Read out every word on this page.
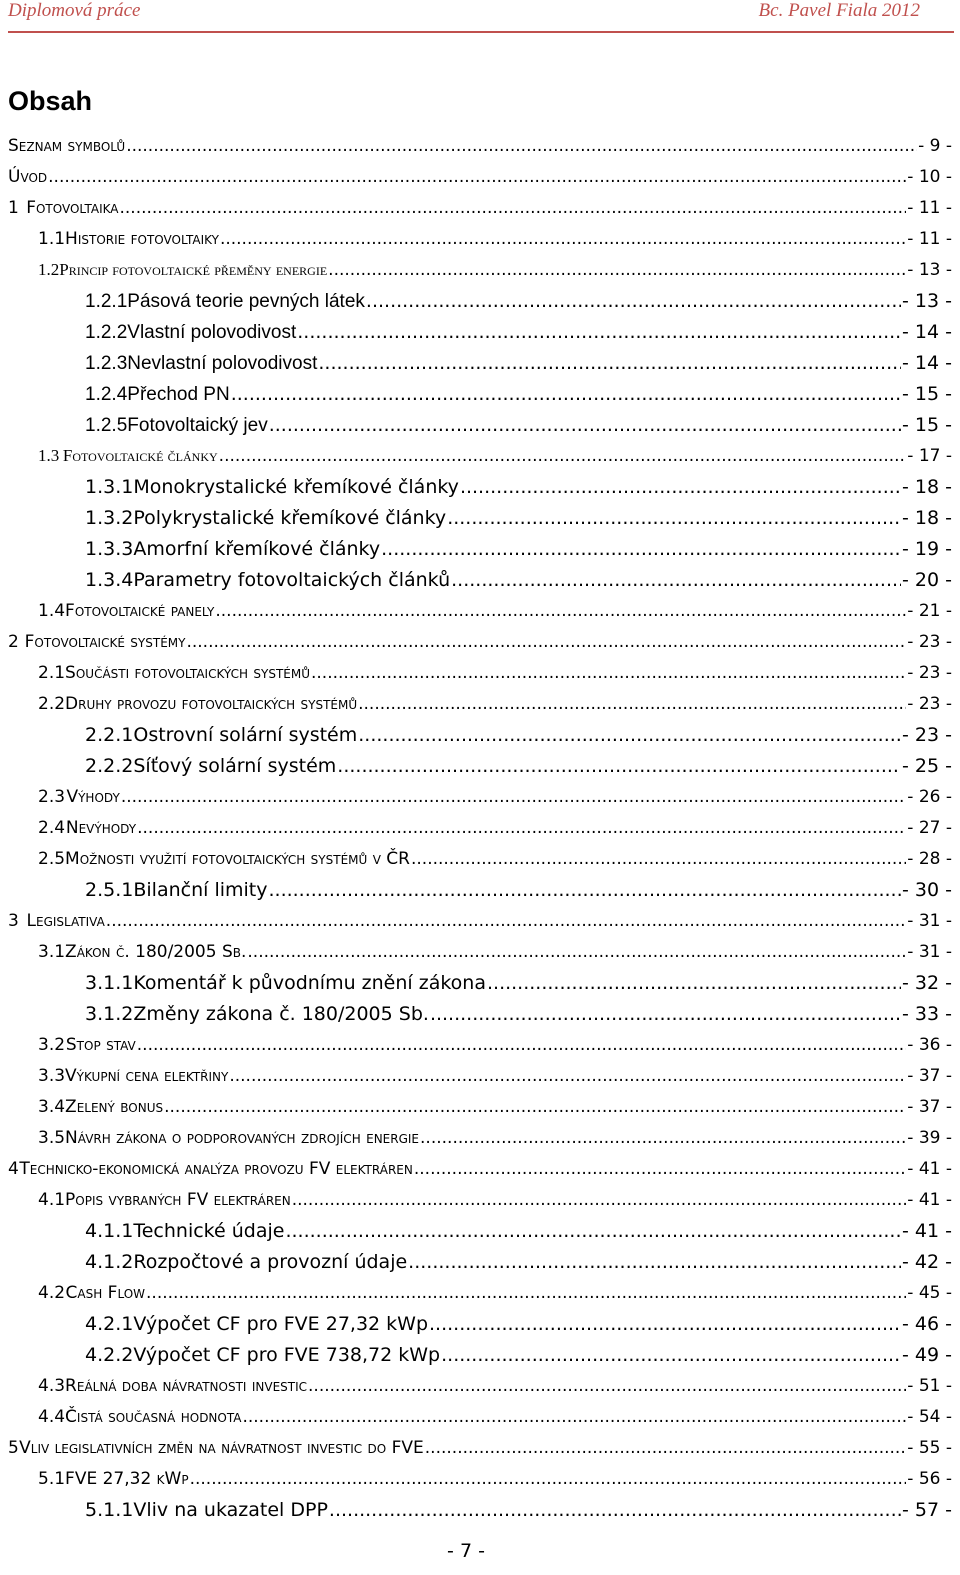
Diplomová práce	Bc. Pavel Fiala 2012
Obsah
Seznam symbolů .....	- 9 -
Úvod .....	- 10 -
1 Fotovoltaika .....	- 11 -
1.1 Historie fotovoltaiky .....	- 11 -
1.2 Princip fotovoltaické přeměny energie .....	- 13 -
1.2.1 Pásová teorie pevných látek .....	- 13 -
1.2.2 Vlastní polovodivost .....	- 14 -
1.2.3 Nevlastní polovodivost .....	- 14 -
1.2.4 Přechod PN .....	- 15 -
1.2.5 Fotovoltaický jev .....	- 15 -
1.3 Fotovoltaické články .....	- 17 -
1.3.1 Monokrystalické křemíkové články .....	- 18 -
1.3.2 Polykrystalické křemíkové články .....	- 18 -
1.3.3 Amorfní křemíkové články .....	- 19 -
1.3.4 Parametry fotovoltaických článků .....	- 20 -
1.4 Fotovoltaické panely .....	- 21 -
2 Fotovoltaické systémy .....	- 23 -
2.1 Součásti fotovoltaických systémů .....	- 23 -
2.2 Druhy provozu fotovoltaických systémů .....	- 23 -
2.2.1 Ostrovní solární systém .....	- 23 -
2.2.2 Síťový solární systém .....	- 25 -
2.3 Výhody .....	- 26 -
2.4 Nevýhody .....	- 27 -
2.5 Možnosti využití fotovoltaických systémů v ČR .....	- 28 -
2.5.1 Bilanční limity .....	- 30 -
3 Legislativa .....	- 31 -
3.1 Zákon č. 180/2005 Sb. .....	- 31 -
3.1.1 Komentář k původnímu znění zákona .....	- 32 -
3.1.2 Změny zákona č. 180/2005 Sb. .....	- 33 -
3.2 Stop stav .....	- 36 -
3.3 Výkupní cena elektřiny .....	- 37 -
3.4 Zelený bonus .....	- 37 -
3.5 Návrh zákona o podporovaných zdrojích energie .....	- 39 -
4 Technicko-ekonomická analýza provozu FV elektráren .....	- 41 -
4.1 Popis vybraných FV elektráren .....	- 41 -
4.1.1 Technické údaje .....	- 41 -
4.1.2 Rozpočtové a provozní údaje .....	- 42 -
4.2 Cash Flow .....	- 45 -
4.2.1 Výpočet CF pro FVE 27,32 kWp .....	- 46 -
4.2.2 Výpočet CF pro FVE 738,72 kWp .....	- 49 -
4.3 Reálná doba návratnosti investic .....	- 51 -
4.4 Čistá současná hodnota .....	- 54 -
5 Vliv legislativních změn na návratnost investic do FVE .....	- 55 -
5.1 FVE 27,32 kWp .....	- 56 -
5.1.1 Vliv na ukazatel DPP .....	- 57 -
- 7 -
